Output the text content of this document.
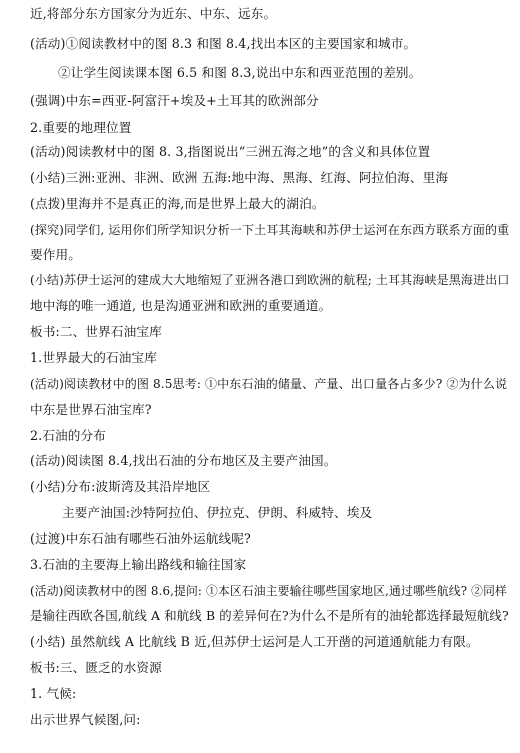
近,将部分东方国家分为近东、中东、远东。
(活动)①阅读教材中的图 8.3 和图 8.4,找出本区的主要国家和城市。
②让学生阅读课本图 6.5 和图 8.3,说出中东和西亚范围的差别。
(强调)中东=西亚-阿富汗+埃及+土耳其的欧洲部分
2.重要的地理位置
(活动)阅读教材中的图 8. 3,指图说出“三洲五海之地”的含义和具体位置
(小结)三洲:亚洲、非洲、欧洲 五海:地中海、黑海、红海、阿拉伯海、里海
(点拨)里海并不是真正的海,而是世界上最大的湖泊。
(探究)同学们, 运用你们所学知识分析一下土耳其海峡和苏伊士运河在东西方联系方面的重
要作用。
(小结)苏伊士运河的建成大大地缩短了亚洲各港口到欧洲的航程; 土耳其海峡是黑海进出口
地中海的唯一通道, 也是沟通亚洲和欧洲的重要通道。
板书:二、世界石油宝库
1.世界最大的石油宝库
(活动)阅读教材中的图 8.5思考: ①中东石油的储量、产量、出口量各占多少? ②为什么说
中东是世界石油宝库?
2.石油的分布
(活动)阅读图 8.4,找出石油的分布地区及主要产油国。
(小结)分布:波斯湾及其沿岸地区
主要产油国:沙特阿拉伯、伊拉克、伊朗、科威特、埃及
(过渡)中东石油有哪些石油外运航线呢?
3.石油的主要海上输出路线和输往国家
(活动)阅读教材中的图 8.6,提问: ①本区石油主要输往哪些国家地区,通过哪些航线? ②同样
是输往西欧各国,航线 A 和航线 B 的差异何在?为什么不是所有的油轮都选择最短航线?
(小结) 虽然航线 A 比航线 B 近,但苏伊士运河是人工开凿的河道通航能力有限。
板书:三、匮乏的水资源
1. 气候:
出示世界气候图,问:
